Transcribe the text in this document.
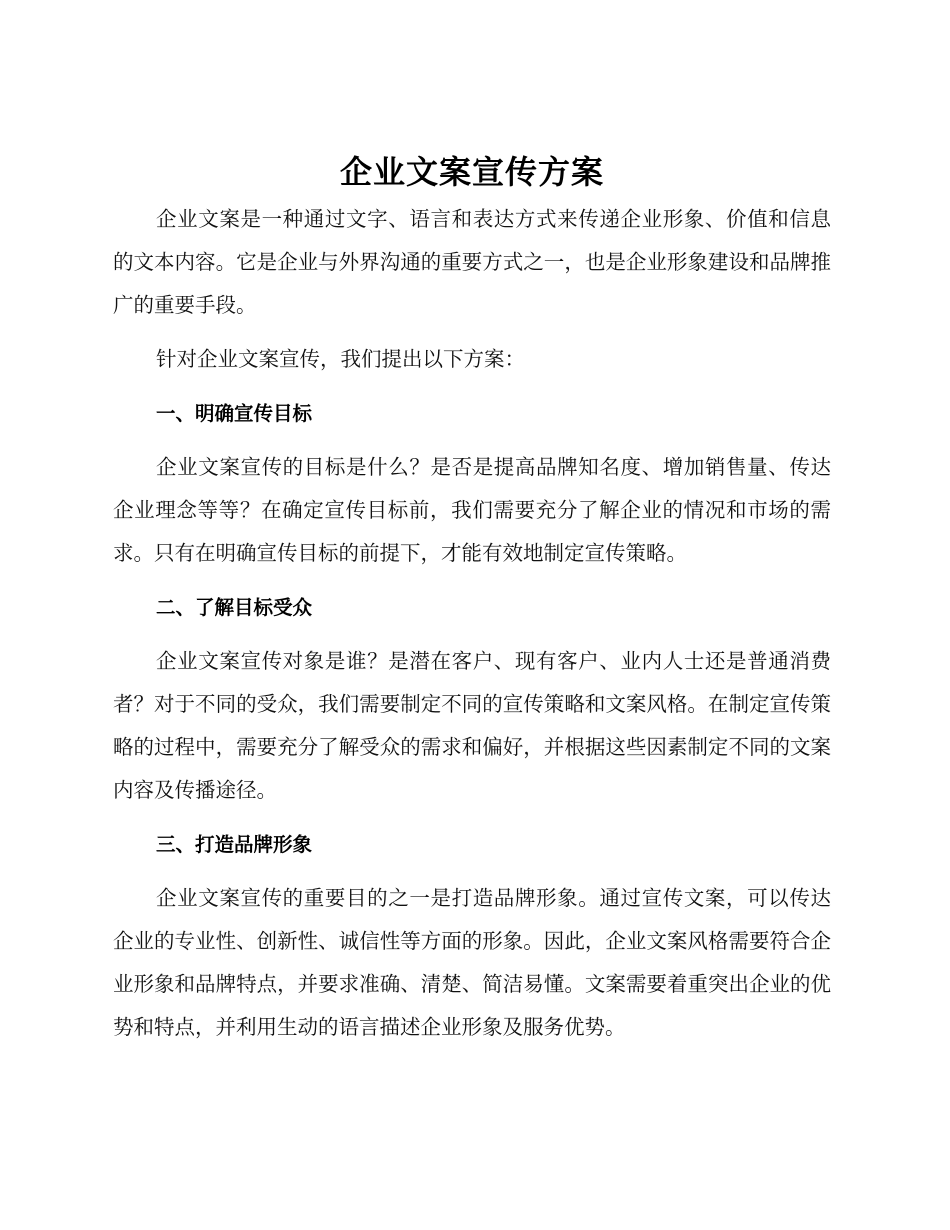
企业文案宣传方案

企业文案是一种通过文字、语言和表达方式来传递企业形象、价值和信息的文本内容。它是企业与外界沟通的重要方式之一，也是企业形象建设和品牌推广的重要手段。

针对企业文案宣传，我们提出以下方案：

一、明确宣传目标

企业文案宣传的目标是什么？是否是提高品牌知名度、增加销售量、传达企业理念等等？在确定宣传目标前，我们需要充分了解企业的情况和市场的需求。只有在明确宣传目标的前提下，才能有效地制定宣传策略。

二、了解目标受众

企业文案宣传对象是谁？是潜在客户、现有客户、业内人士还是普通消费者？对于不同的受众，我们需要制定不同的宣传策略和文案风格。在制定宣传策略的过程中，需要充分了解受众的需求和偏好，并根据这些因素制定不同的文案内容及传播途径。

三、打造品牌形象

企业文案宣传的重要目的之一是打造品牌形象。通过宣传文案，可以传达企业的专业性、创新性、诚信性等方面的形象。因此，企业文案风格需要符合企业形象和品牌特点，并要求准确、清楚、简洁易懂。文案需要着重突出企业的优势和特点，并利用生动的语言描述企业形象及服务优势。
